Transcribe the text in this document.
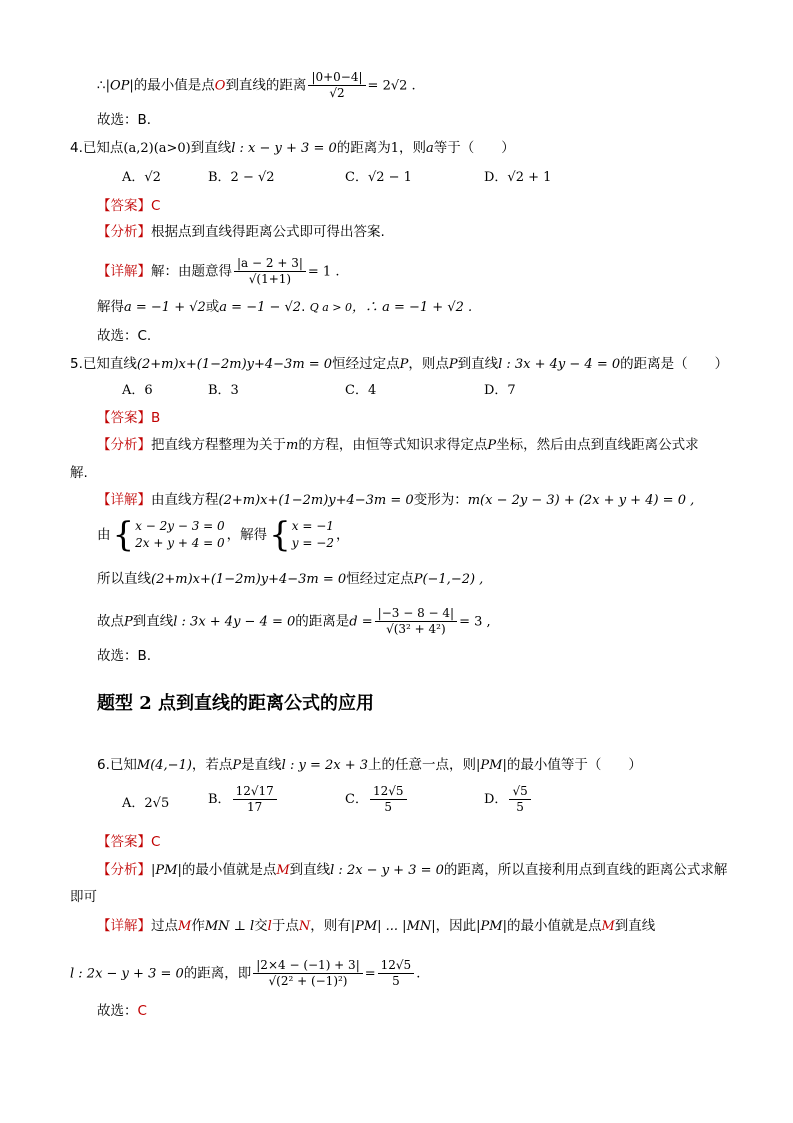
∴|OP|的最小值是点O到直线的距离 $\frac{|0+0-4|}{√2} = 2√2$ .
故选：B．
4.已知点(a,2)(a>0)到直线l : x − y + 3 = 0的距离为1，则a等于（　　）
A．√2	B．2 − √2	C．√2 − 1	D．√2 + 1
【答案】C
【分析】根据点到直线得距离公式即可得出答案.
【详解】解：由题意得 $\frac{|a - 2 + 3|}{√(1+1)} = 1$ .
解得a = −1 + √2或a = −1 − √2. Q a > 0，∴ a = −1 + √2 .
故选：C.
5.已知直线(2+m)x+(1−2m)y+4−3m = 0恒经过定点P，则点P到直线l : 3x + 4y − 4 = 0的距离是（　　）
A．6	B．3	C．4	D．7
【答案】B
【分析】把直线方程整理为关于m的方程，由恒等式知识求得定点P坐标，然后由点到直线距离公式求
解.
【详解】由直线方程(2+m)x+(1−2m)y+4−3m = 0变形为：m(x − 2y − 3) + (2x + y + 4) = 0 ,
由 { x − 2y − 3 = 0
2x + y + 4 = 0 ，解得 { x = −1
y = −2 ，
所以直线(2+m)x+(1−2m)y+4−3m = 0恒经过定点P(−1,−2) ,
故点P到直线l : 3x + 4y − 4 = 0的距离是$d = \frac{|-3 - 8 - 4|}{\text{√(3² + 4²)}} = 3$ ,
故选：B.
题型 2 点到直线的距离公式的应用
6.已知M(4,−1)，若点P是直线l : y = 2x + 3上的任意一点，则|PM|的最小值等于（　　）
A．2√5	B． $\frac{12√17}{17}$	C． $\frac{12√5}{5}$	D． $\frac{√5}{5}$
【答案】C
【分析】|PM|的最小值就是点M到直线l : 2x − y + 3 = 0的距离，所以直接利用点到直线的距离公式求解
即可
【详解】过点M作MN ⊥ l交l于点N，则有|PM| ... |MN|，因此|PM|的最小值就是点M到直线
l : 2x − y + 3 = 0的距离，即 $\frac{|2\times 4 - (-1) + 3|}{\text{√(2² + (−1)²)}} = \frac{12√5}{5}$ .
故选：C
